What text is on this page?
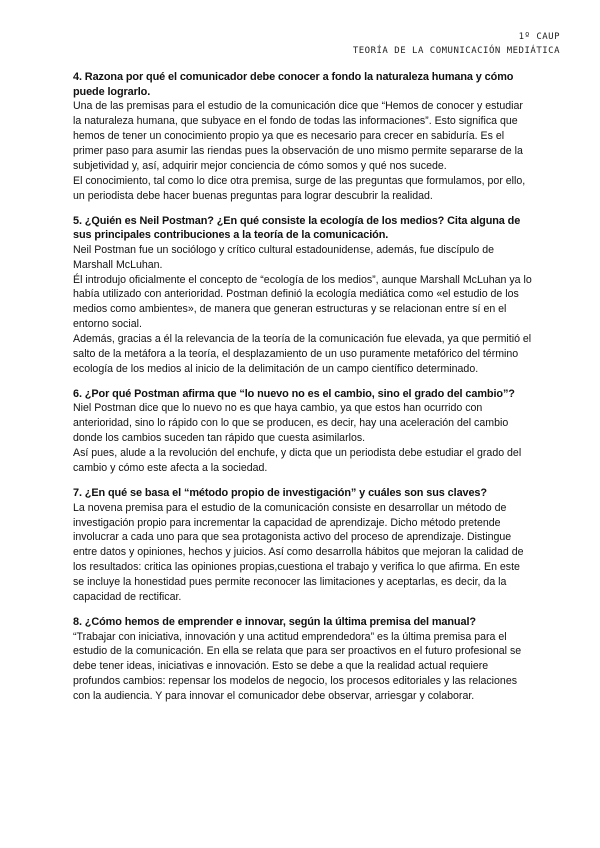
1º CAUP
TEORÍA DE LA COMUNICACIÓN MEDIÁTICA
4. Razona por qué el comunicador debe conocer a fondo la naturaleza humana y cómo puede lograrlo.

Una de las premisas para el estudio de la comunicación dice que “Hemos de conocer y estudiar la naturaleza humana, que subyace en el fondo de todas las informaciones”. Esto significa que hemos de tener un conocimiento propio ya que es necesario para crecer en sabiduría. Es el primer paso para asumir las riendas pues la observación de uno mismo permite separarse de la subjetividad y, así, adquirir mejor conciencia de cómo somos y qué nos sucede.

El conocimiento, tal como lo dice otra premisa, surge de las preguntas que formulamos, por ello, un periodista debe hacer buenas preguntas para lograr descubrir la realidad.

5. ¿Quién es Neil Postman? ¿En qué consiste la ecología de los medios? Cita alguna de sus principales contribuciones a la teoría de la comunicación.

Neil Postman fue un sociólogo y crítico cultural estadounidense, además, fue discípulo de Marshall McLuhan.

Él introdujo oficialmente el concepto de “ecología de los medios”, aunque Marshall McLuhan ya lo había utilizado con anterioridad. Postman definió la ecología mediática como «el estudio de los medios como ambientes», de manera que generan estructuras y se relacionan entre sí en el entorno social.

Además, gracias a él la relevancia de la teoría de la comunicación fue elevada, ya que permitió el salto de la metáfora a la teoría, el desplazamiento de un uso puramente metafórico del término ecología de los medios al inicio de la delimitación de un campo científico determinado.

6. ¿Por qué Postman afirma que “lo nuevo no es el cambio, sino el grado del cambio”?

Niel Postman dice que lo nuevo no es que haya cambio, ya que estos han ocurrido con anterioridad, sino lo rápido con lo que se producen, es decir, hay una aceleración del cambio donde los cambios suceden tan rápido que cuesta asimilarlos.

Así pues, alude a la revolución del enchufe, y dicta que un periodista debe estudiar el grado del cambio y cómo este afecta a la sociedad.

7. ¿En qué se basa el “método propio de investigación” y cuáles son sus claves?

La novena premisa para el estudio de la comunicación consiste en desarrollar un método de investigación propio para incrementar la capacidad de aprendizaje. Dicho método pretende involucrar a cada uno para que sea protagonista activo del proceso de aprendizaje. Distingue entre datos y opiniones, hechos y juicios. Así como desarrolla hábitos que mejoran la calidad de los resultados: critica las opiniones propias,cuestiona el trabajo y verifica lo que afirma. En este se incluye la honestidad pues permite reconocer las limitaciones y aceptarlas, es decir, da la capacidad de rectificar.

8. ¿Cómo hemos de emprender e innovar, según la última premisa del manual?

“Trabajar con iniciativa, innovación y una actitud emprendedora” es la última premisa para el estudio de la comunicación. En ella se relata que para ser proactivos en el futuro profesional se debe tener ideas, iniciativas e innovación. Esto se debe a que la realidad actual requiere profundos cambios: repensar los modelos de negocio, los procesos editoriales y las relaciones con la audiencia. Y para innovar el comunicador debe observar, arriesgar y colaborar.
